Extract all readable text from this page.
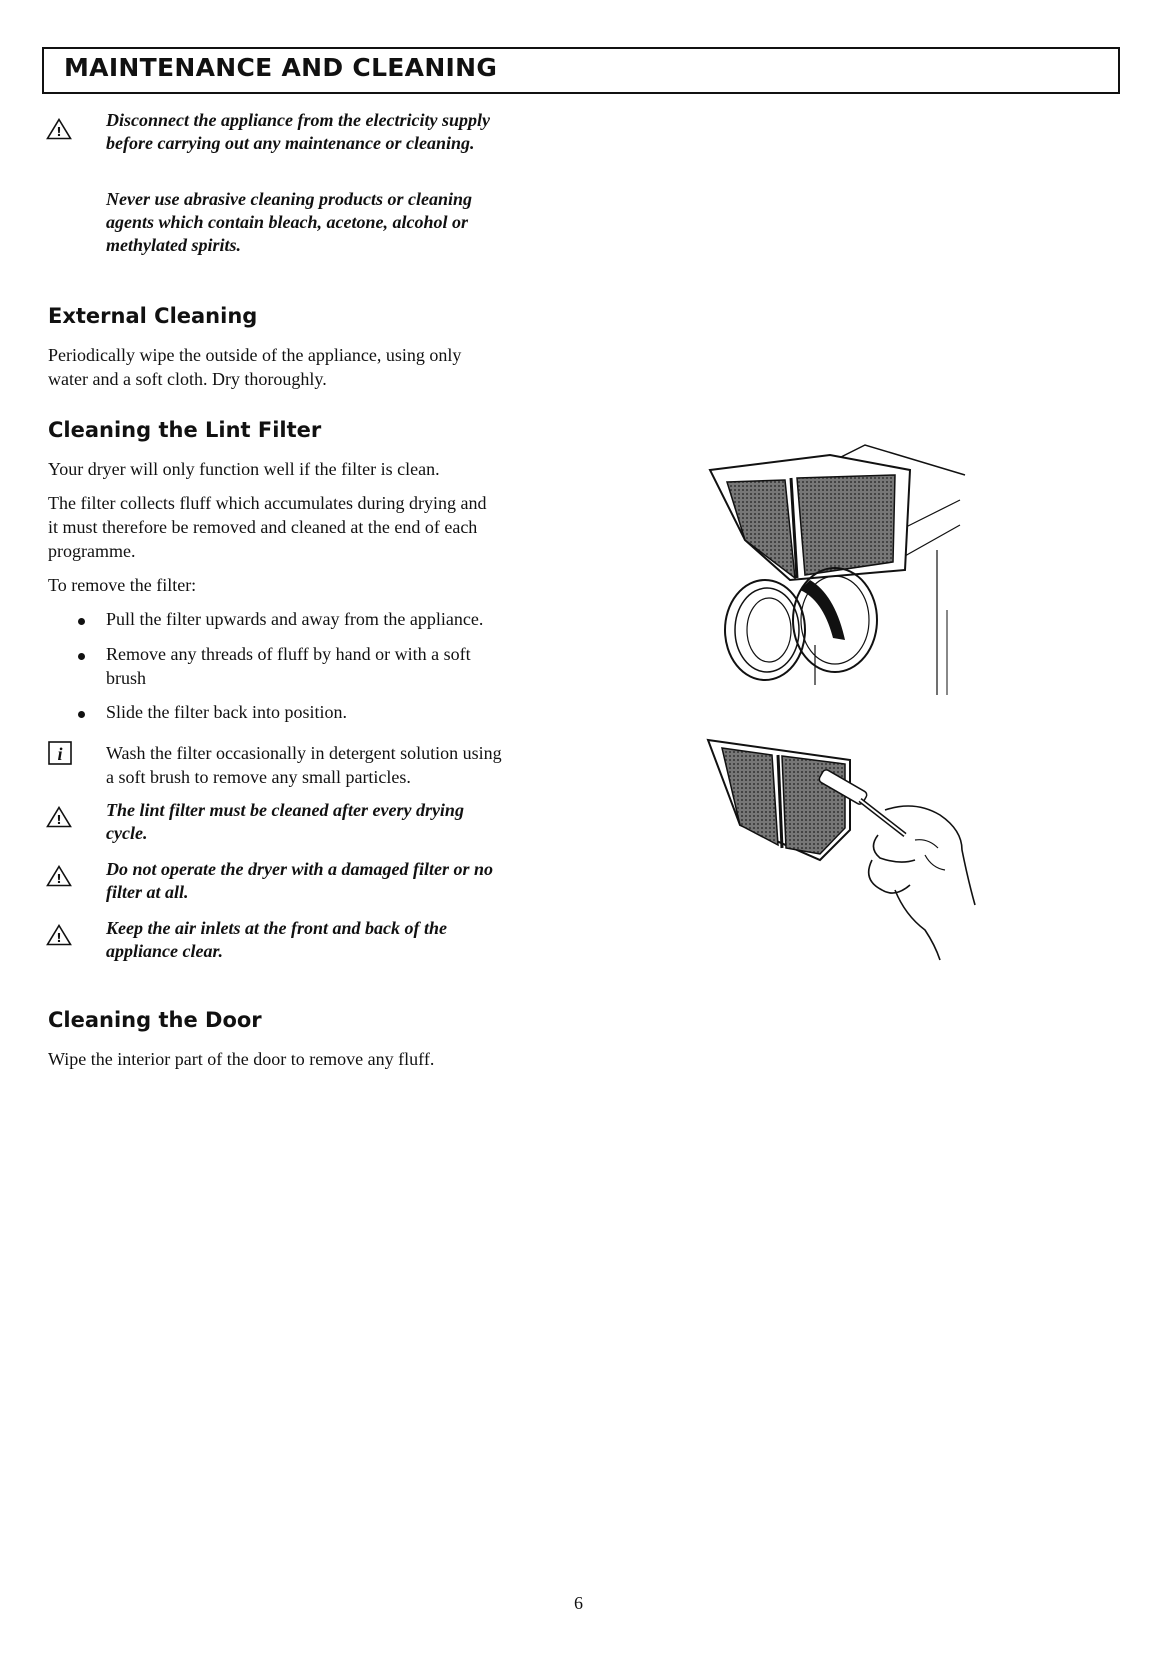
MAINTENANCE AND CLEANING
!
Disconnect the appliance from the electricity supply
before carrying out any maintenance or cleaning.
Never use abrasive cleaning products or cleaning
agents which contain bleach, acetone, alcohol or
methylated spirits.
External Cleaning
Periodically wipe the outside of the appliance, using only
water and a soft cloth. Dry thoroughly.
Cleaning the Lint Filter
Your dryer will only function well if the filter is clean.
The filter collects fluff which accumulates during drying and
it must therefore be removed and cleaned at the end of each
programme.
To remove the filter:
Pull the filter upwards and away from the appliance.
Remove any threads of fluff by hand or with a soft
brush
Slide the filter back into position.
i Wash the filter occasionally in detergent solution using
a soft brush to remove any small particles.
! The lint filter must be cleaned after every drying
cycle.
! Do not operate the dryer with a damaged filter or no
filter at all.
! Keep the air inlets at the front and back of the
appliance clear.
Cleaning the Door
Wipe the interior part of the door to remove any fluff.
6
